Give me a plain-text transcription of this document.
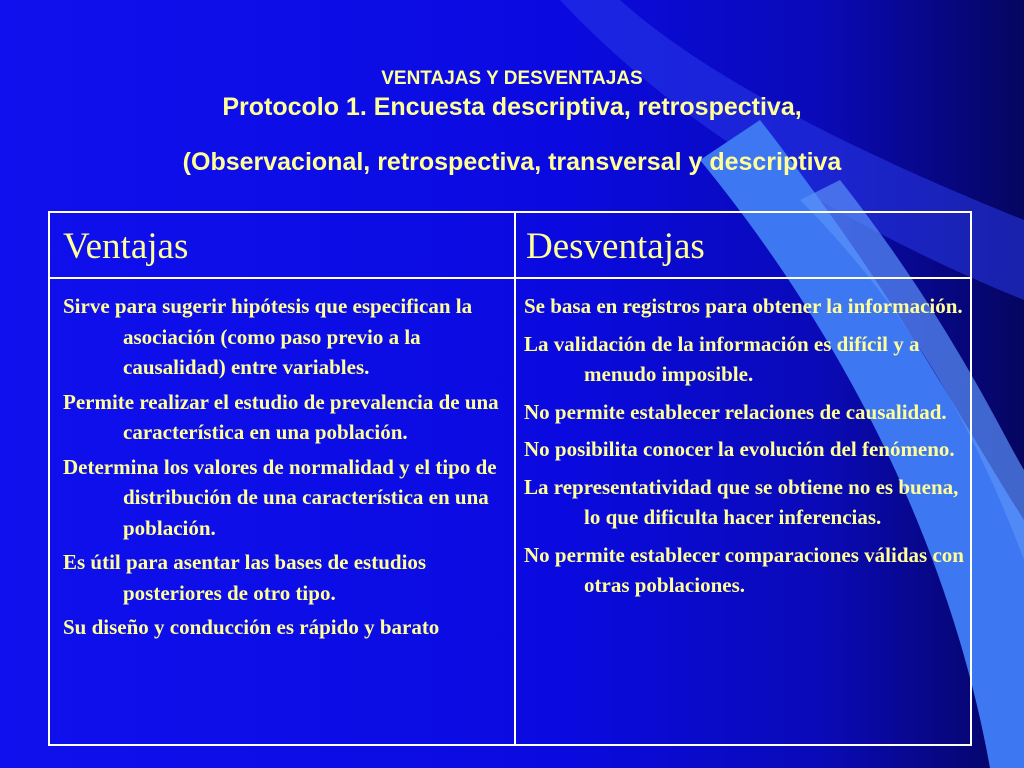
VENTAJAS Y DESVENTAJAS
Protocolo 1. Encuesta descriptiva, retrospectiva,
(Observacional, retrospectiva, transversal y descriptiva
Ventajas	Desventajas
Sirve para sugerir hipótesis que especifican la asociación (como paso previo a la causalidad) entre variables.
Permite realizar el estudio de prevalencia de una característica en una población.
Determina los valores de normalidad y el tipo de distribución de una característica en una población.
Es útil para asentar las bases de estudios posteriores de otro tipo.
Su diseño y conducción es rápido y barato
Se basa en registros para obtener la información.
La validación de la información es difícil y a menudo imposible.
No permite establecer relaciones de causalidad.
No posibilita conocer la evolución del fenómeno.
La representatividad que se obtiene no es buena, lo que dificulta hacer inferencias.
No permite establecer comparaciones válidas con otras poblaciones.
